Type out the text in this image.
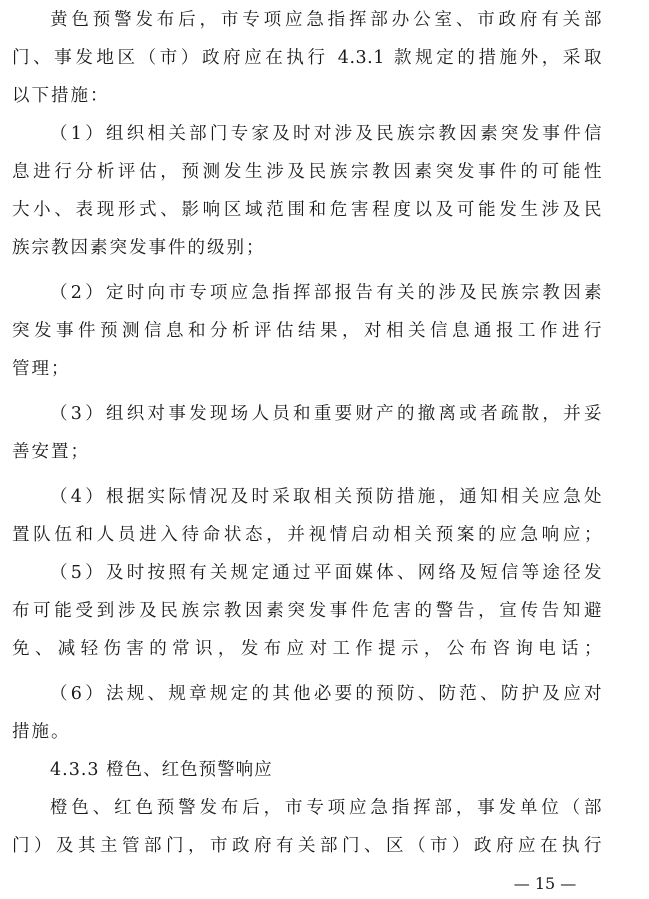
黄色预警发布后，市专项应急指挥部办公室、市政府有关部
门、事发地区（市）政府应在执行 4.3.1 款规定的措施外，采取
以下措施：
（1）组织相关部门专家及时对涉及民族宗教因素突发事件信
息进行分析评估，预测发生涉及民族宗教因素突发事件的可能性
大小、表现形式、影响区域范围和危害程度以及可能发生涉及民
族宗教因素突发事件的级别；
（2）定时向市专项应急指挥部报告有关的涉及民族宗教因素
突发事件预测信息和分析评估结果，对相关信息通报工作进行
管理；
（3）组织对事发现场人员和重要财产的撤离或者疏散，并妥
善安置；
（4）根据实际情况及时采取相关预防措施，通知相关应急处
置队伍和人员进入待命状态，并视情启动相关预案的应急响应；
（5）及时按照有关规定通过平面媒体、网络及短信等途径发
布可能受到涉及民族宗教因素突发事件危害的警告，宣传告知避
免、减轻伤害的常识，发布应对工作提示，公布咨询电话；
（6）法规、规章规定的其他必要的预防、防范、防护及应对
措施。
4.3.3 橙色、红色预警响应
橙色、红色预警发布后，市专项应急指挥部，事发单位（部
门）及其主管部门，市政府有关部门、区（市）政府应在执行
— 15 —
